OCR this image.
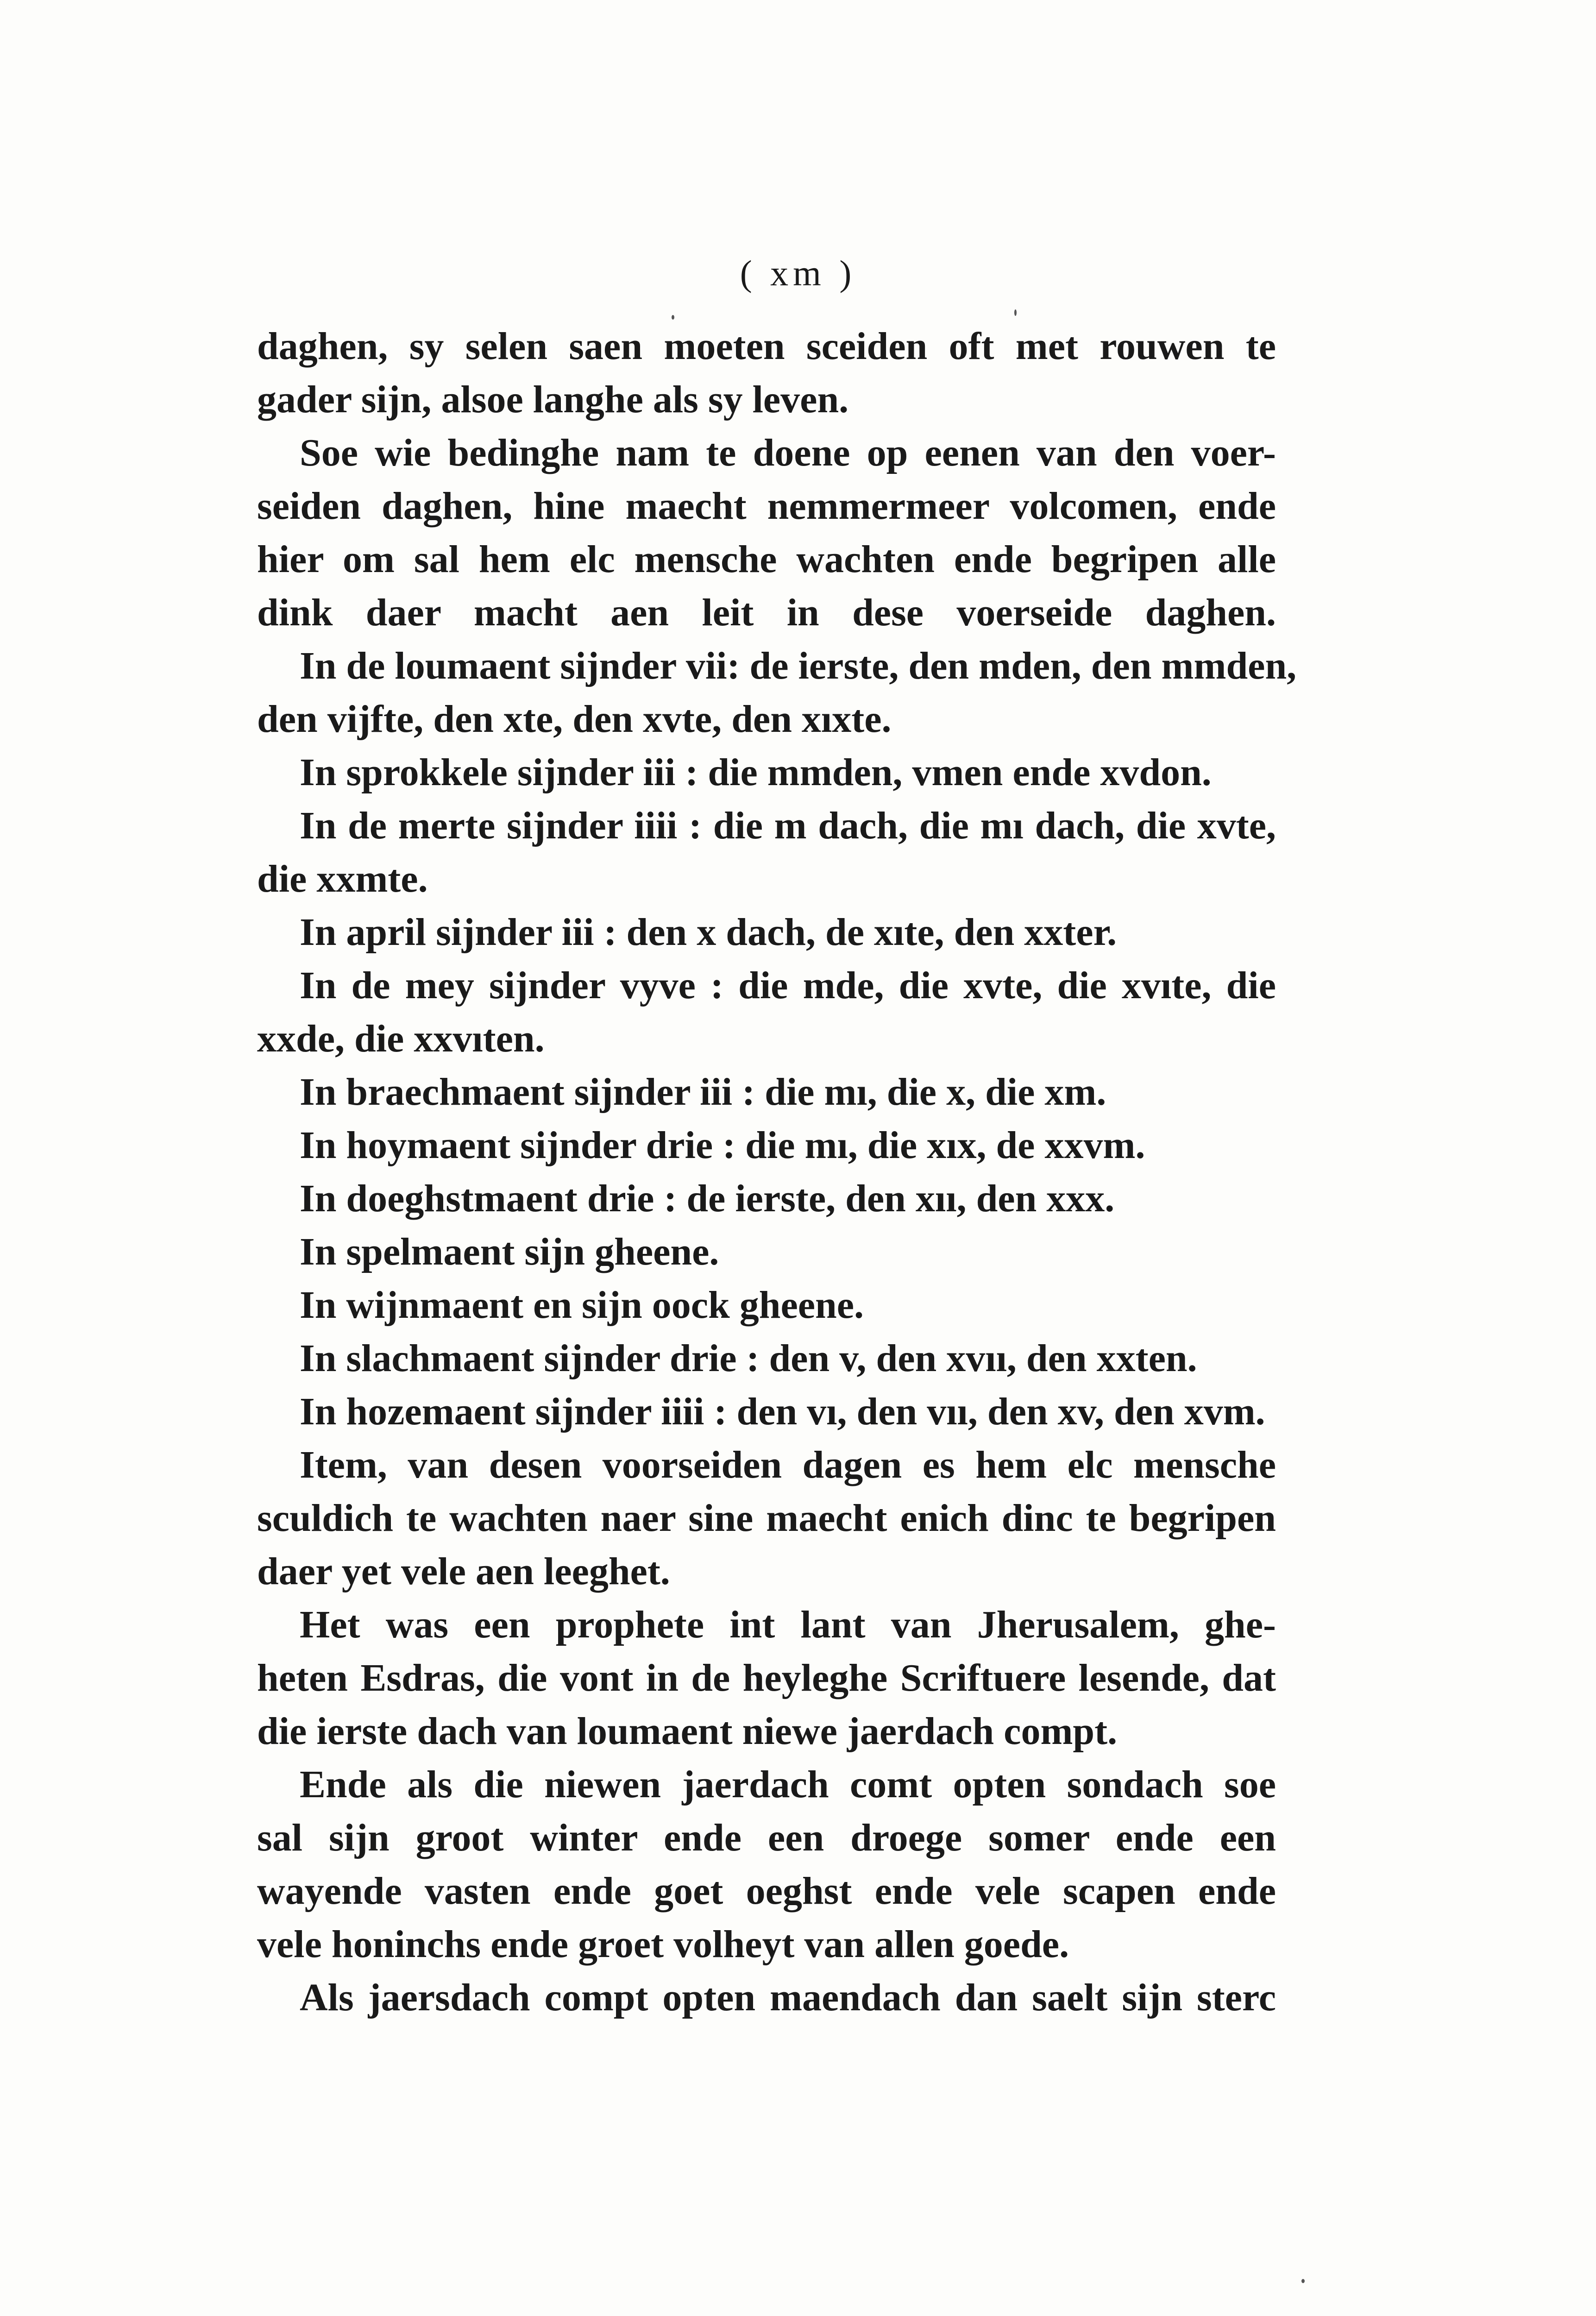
( xm )
daghen, sy selen saen moeten sceiden oft met rouwen te
gader sijn, alsoe langhe als sy leven.
Soe wie bedinghe nam te doene op eenen van den voer-
seiden daghen, hine maecht nemmermeer volcomen, ende
hier om sal hem elc mensche wachten ende begripen alle
dink daer macht aen leit in dese voerseide daghen.
In de loumaent sijnder vii: de ierste, den mden, den mmden,
den vijfte, den xte, den xvte, den xıxte.
In sprokkele sijnder iii : die mmden, vmen ende xvdon.
In de merte sijnder iiii : die m dach, die mı dach, die xvte,
die xxmte.
In april sijnder iii : den x dach, de xıte, den xxter.
In de mey sijnder vyve : die mde, die xvte, die xvıte, die
xxde, die xxvıten.
In braechmaent sijnder iii : die mı, die x, die xm.
In hoymaent sijnder drie : die mı, die xıx, de xxvm.
In doeghstmaent drie : de ierste, den xıı, den xxx.
In spelmaent sijn gheene.
In wijnmaent en sijn oock gheene.
In slachmaent sijnder drie : den v, den xvıı, den xxten.
In hozemaent sijnder iiii : den vı, den vıı, den xv, den xvm.
Item, van desen voorseiden dagen es hem elc mensche
sculdich te wachten naer sine maecht enich dinc te begripen
daer yet vele aen leeghet.
Het was een prophete int lant van Jherusalem, ghe-
heten Esdras, die vont in de heyleghe Scriftuere lesende, dat
die ierste dach van loumaent niewe jaerdach compt.
Ende als die niewen jaerdach comt opten sondach soe
sal sijn groot winter ende een droege somer ende een
wayende vasten ende goet oeghst ende vele scapen ende
vele honinchs ende groet volheyt van allen goede.
Als jaersdach compt opten maendach dan saelt sijn sterc
